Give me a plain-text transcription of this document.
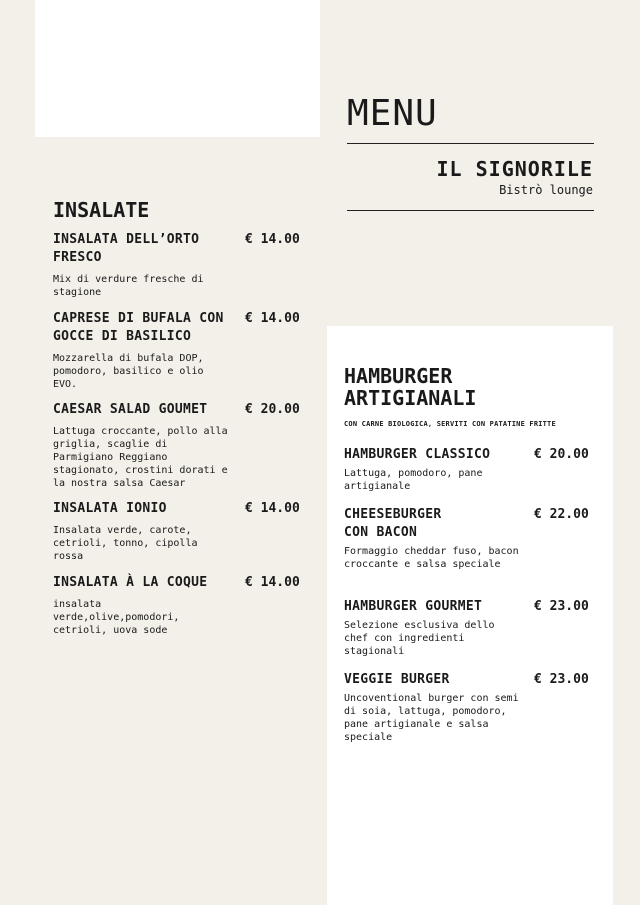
MENU
IL SIGNORILE
Bistrò lounge
INSALATE
INSALATA DELL’ORTO FRESCO
€ 14.00
Mix di verdure fresche di stagione
CAPRESE DI BUFALA CON GOCCE DI BASILICO
€ 14.00
Mozzarella di bufala DOP, pomodoro, basilico e olio EVO.
CAESAR SALAD GOUMET	€ 20.00
Lattuga croccante, pollo alla griglia, scaglie di Parmigiano Reggiano stagionato, crostini dorati e la nostra salsa Caesar
INSALATA IONIO	€ 14.00
Insalata verde, carote, cetrioli, tonno, cipolla rossa
INSALATA À LA COQUE	€ 14.00
insalata verde,olive,pomodori, cetrioli, uova sode
HAMBURGER ARTIGIANALI
CON CARNE BIOLOGICA, SERVITI CON PATATINE FRITTE
HAMBURGER CLASSICO	€ 20.00
Lattuga, pomodoro, pane artigianale
CHEESEBURGER CON BACON
€ 22.00
Formaggio cheddar fuso, bacon croccante e salsa speciale
HAMBURGER GOURMET	€ 23.00
Selezione esclusiva dello chef con ingredienti stagionali
VEGGIE BURGER	€ 23.00
Uncoventional burger con semi di soia, lattuga, pomodoro, pane artigianale e salsa speciale
